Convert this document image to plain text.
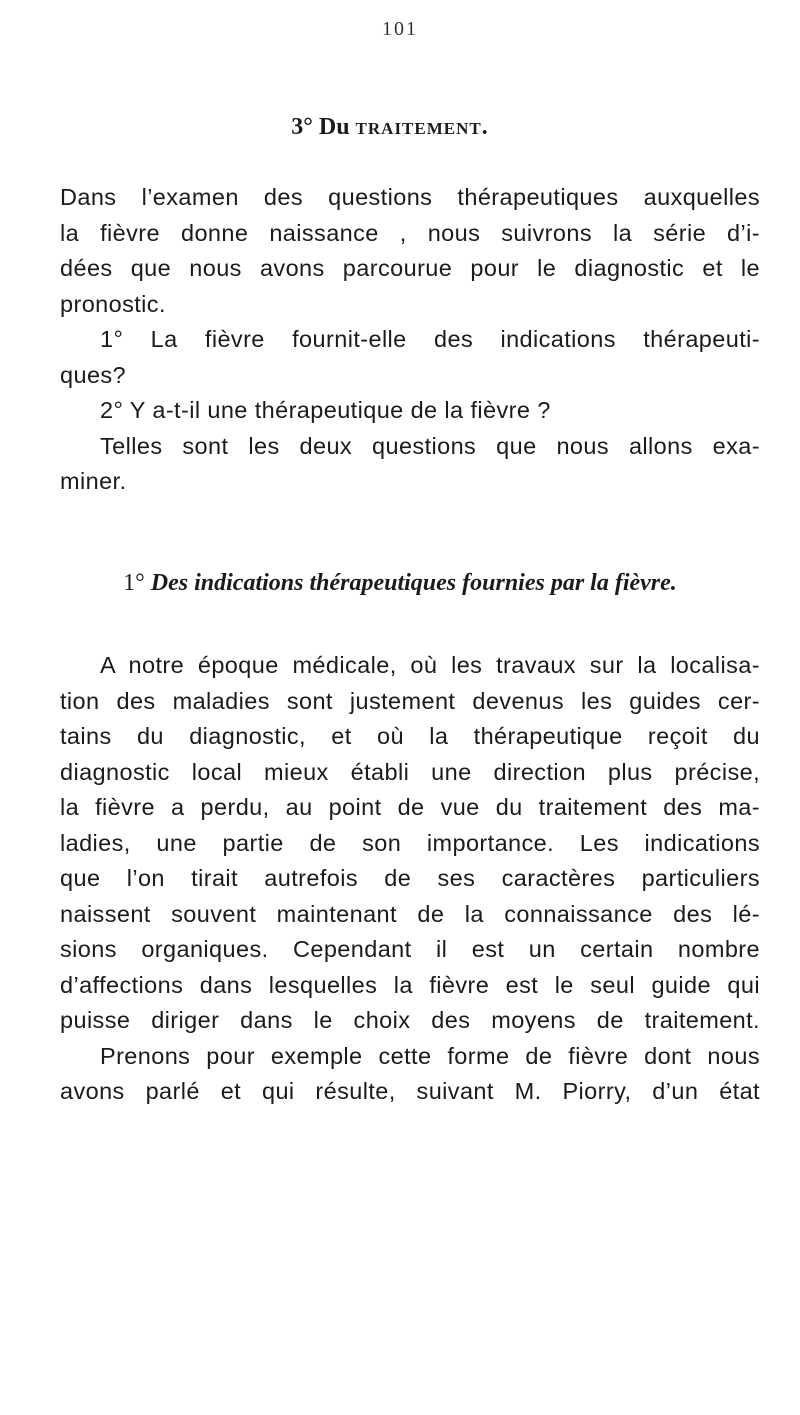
101
3° Du traitement.
Dans l’examen des questions thérapeutiques auxquelles
la fièvre donne naissance , nous suivrons la série d’i-
dées que nous avons parcourue pour le diagnostic et le
pronostic.
1° La fièvre fournit-elle des indications thérapeuti-
ques?
2° Y a-t-il une thérapeutique de la fièvre ?
Telles sont les deux questions que nous allons exa-
miner.
1° Des indications thérapeutiques fournies par la fièvre.
A notre époque médicale, où les travaux sur la localisa-
tion des maladies sont justement devenus les guides cer-
tains du diagnostic, et où la thérapeutique reçoit du
diagnostic local mieux établi une direction plus précise,
la fièvre a perdu, au point de vue du traitement des ma-
ladies, une partie de son importance. Les indications
que l’on tirait autrefois de ses caractères particuliers
naissent souvent maintenant de la connaissance des lé-
sions organiques. Cependant il est un certain nombre
d’affections dans lesquelles la fièvre est le seul guide qui
puisse diriger dans le choix des moyens de traitement.
Prenons pour exemple cette forme de fièvre dont nous
avons parlé et qui résulte, suivant M. Piorry, d’un état
